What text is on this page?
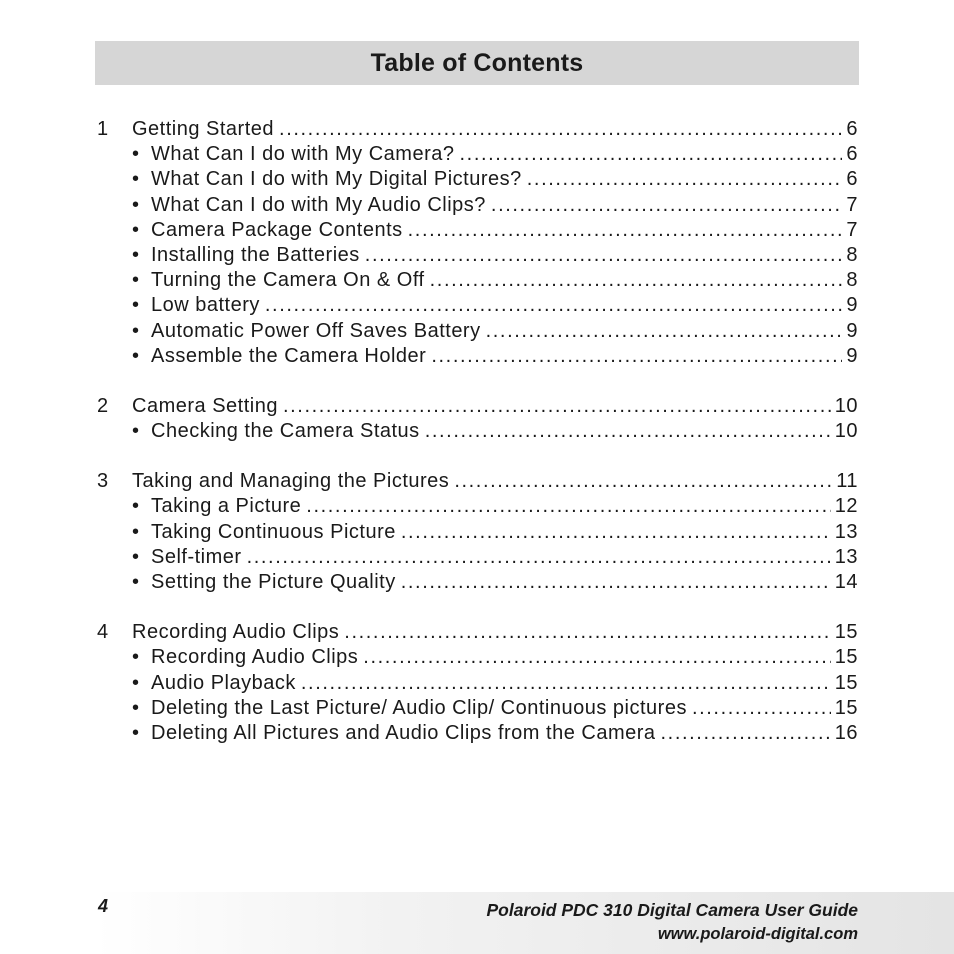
Table of Contents
1	Getting Started .....	6
• What Can I do with My Camera? .....	6
• What Can I do with My Digital Pictures? .....	6
• What Can I do with My Audio Clips? .....	7
• Camera Package Contents .....	7
• Installing the Batteries .....	8
• Turning the Camera On & Off .....	8
• Low battery .....	9
• Automatic Power Off Saves Battery .....	9
• Assemble the Camera Holder .....	9
2	Camera Setting .....	10
• Checking the Camera Status .....	10
3	Taking and Managing the Pictures .....	11
• Taking a Picture .....	12
• Taking Continuous Picture .....	13
• Self-timer .....	13
• Setting the Picture Quality .....	14
4	Recording Audio Clips .....	15
• Recording Audio Clips .....	15
• Audio Playback .....	15
• Deleting the Last Picture/ Audio Clip/ Continuous pictures .....	15
• Deleting All Pictures and Audio Clips from the Camera .....	16
4	Polaroid PDC 310 Digital Camera User Guide
www.polaroid-digital.com
